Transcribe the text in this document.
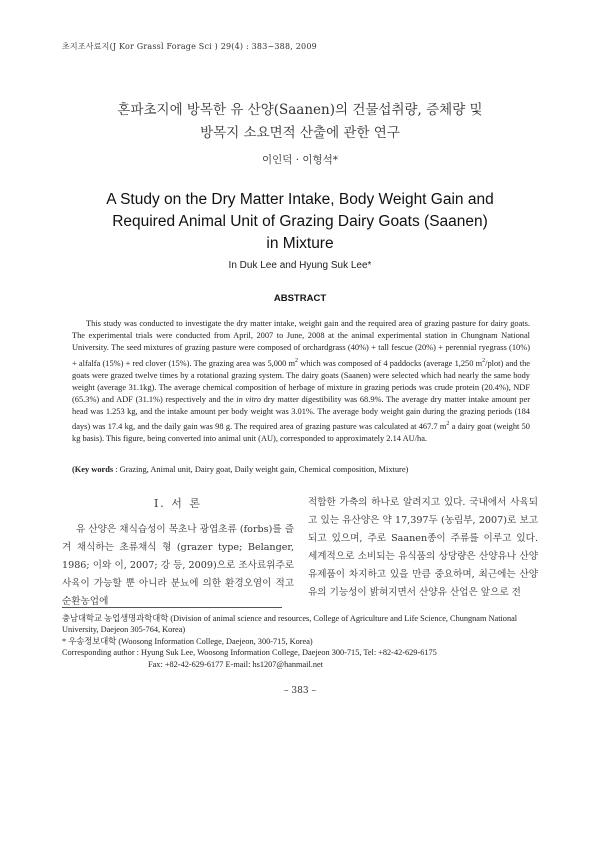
초지조사료지(J Kor Grassl Forage Sci ) 29(4) : 383~388, 2009
혼파초지에 방목한 유 산양(Saanen)의 건물섭취량, 증체량 및
방목지 소요면적 산출에 관한 연구
이인덕 · 이형석*
A Study on the Dry Matter Intake, Body Weight Gain and
Required Animal Unit of Grazing Dairy Goats (Saanen)
in Mixture
In Duk Lee and Hyung Suk Lee*
ABSTRACT

This study was conducted to investigate the dry matter intake, weight gain and the required area of grazing pasture for dairy goats. The experimental trials were conducted from April, 2007 to June, 2008 at the animal experimental station in Chungnam National University. The seed mixtures of grazing pasture were composed of orchardgrass (40%) + tall fescue (20%) + perennial ryegrass (10%) + alfalfa (15%) + red clover (15%). The grazing area was 5,000 $m^2$ which was composed of 4 paddocks (average 1,250 $m^2/plot$) and the goats were grazed twelve times by a rotational grazing system. The dairy goats (Saanen) were selected which had nearly the same body weight (average 31.1kg). The average chemical composition of herbage of mixture in grazing periods was crude protein (20.4%), NDF (65.3%) and ADF (31.1%) respectively and the in vitro dry matter digestibility was 68.9%. The average dry matter intake amount per head was 1.253 kg, and the intake amount per body weight was 3.01%. The average body weight gain during the grazing periods (184 days) was 17.4 kg, and the daily gain was 98 g. The required area of grazing pasture was calculated at 467.7 $m^2$ a dairy goat (weight 50 kg basis). This figure, being converted into animal unit (AU), corresponded to approximately 2.14 AU/ha.

(Key words : Grazing, Animal unit, Dairy goat, Daily weight gain, Chemical composition, Mixture)
Ⅰ. 서 론
유 산양은 채식습성이 목초나 광엽초류 (forbs)를 즐겨 채식하는 초류채식 형 (grazer type; Belanger, 1986; 이와 이, 2007; 강 등, 2009)으로 조사료위주로 사육이 가능할 뿐 아니라 분뇨에 의한 환경오염이 적고 순환농업에
적합한 가축의 하나로 알려지고 있다. 국내에서 사육되고 있는 유산양은 약 17,397두 (농림부, 2007)로 보고되고 있으며, 주로 Saanen종이 주류를 이루고 있다. 세계적으로 소비되는 유식품의 상당량은 산양유나 산양유제품이 차지하고 있을 만큼 중요하며, 최근에는 산양유의 기능성이 밝혀지면서 산양유 산업은 앞으로 전
충남대학교 농업생명과학대학 (Division of animal science and resources, College of Agriculture and Life Science, Chungnam National University, Daejeon 305-764, Korea)
* 우송정보대학 (Woosong Information College, Daejeon, 300-715, Korea)
Corresponding author : Hyung Suk Lee, Woosong Information College, Daejeon 300-715, Tel: +82-42-629-6175
Fax: +82-42-629-6177 E-mail: hs1207@hanmail.net
– 383 –
